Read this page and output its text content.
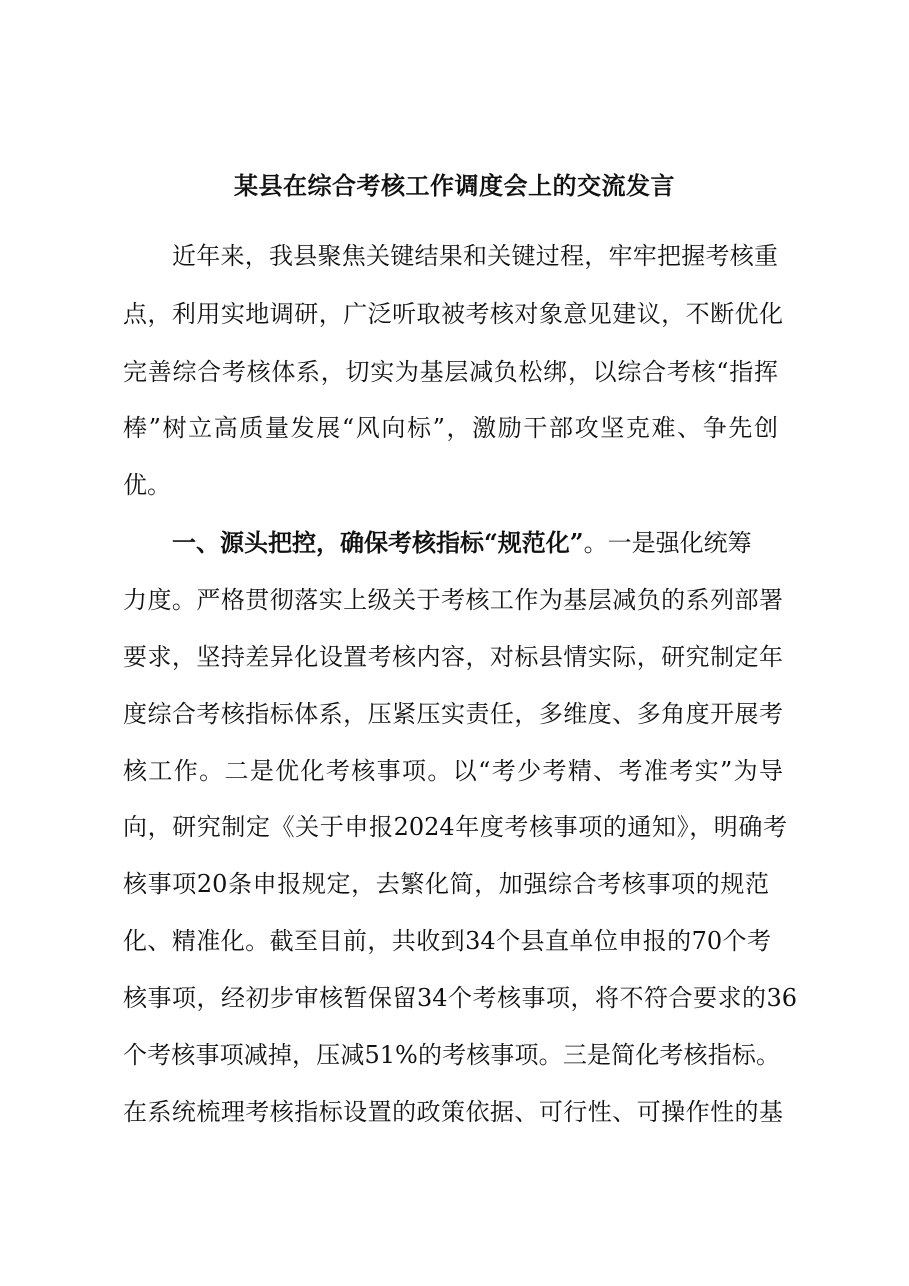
某县在综合考核工作调度会上的交流发言
近年来，我县聚焦关键结果和关键过程，牢牢把握考核重
点，利用实地调研，广泛听取被考核对象意见建议，不断优化
完善综合考核体系，切实为基层减负松绑，以综合考核“指挥
棒”树立高质量发展“风向标”，激励干部攻坚克难、争先创
优。
一、源头把控，确保考核指标“规范化”。一是强化统筹
力度。严格贯彻落实上级关于考核工作为基层减负的系列部署
要求，坚持差异化设置考核内容，对标县情实际，研究制定年
度综合考核指标体系，压紧压实责任，多维度、多角度开展考
核工作。二是优化考核事项。以“考少考精、考准考实”为导
向，研究制定《关于申报2024年度考核事项的通知》，明确考
核事项20条申报规定，去繁化简，加强综合考核事项的规范
化、精准化。截至目前，共收到34个县直单位申报的70个考
核事项，经初步审核暂保留34个考核事项，将不符合要求的36
个考核事项减掉，压减51%的考核事项。三是简化考核指标。
在系统梳理考核指标设置的政策依据、可行性、可操作性的基
